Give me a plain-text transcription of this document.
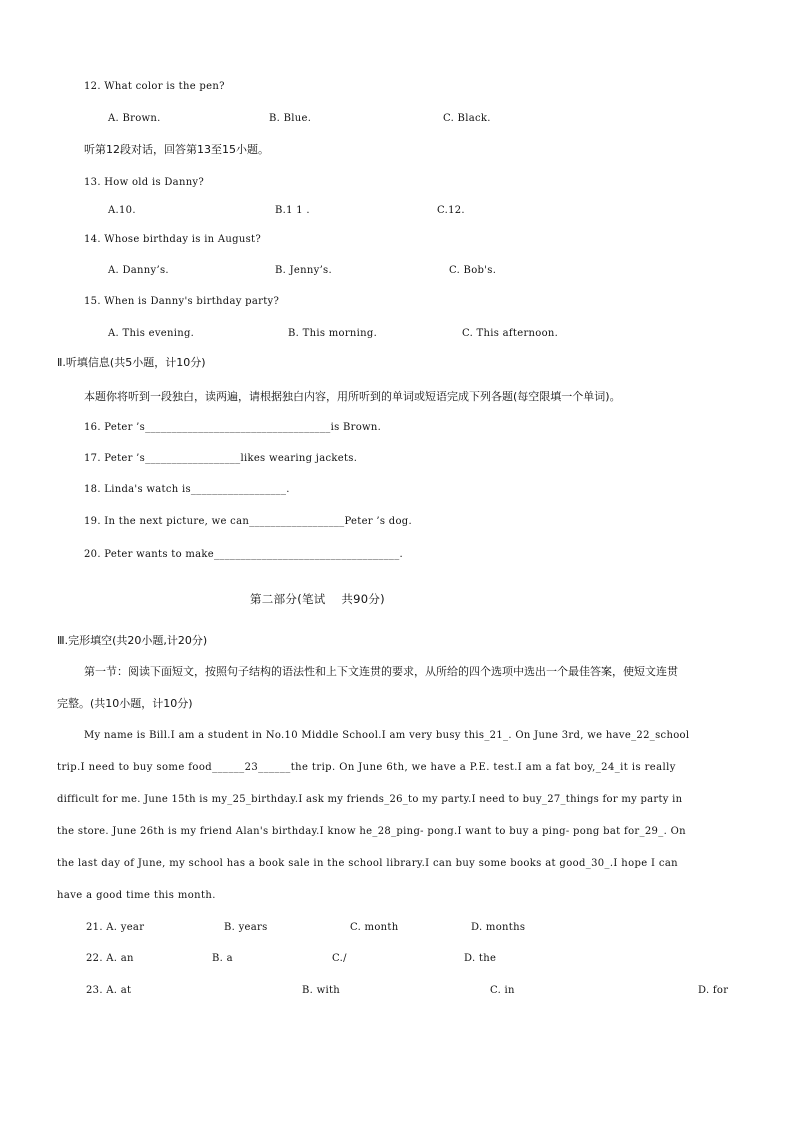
12. What color is the pen?
A. Brown.	B. Blue.	C. Black.
听第12段对话，回答第13至15小题。
13. How old is Danny?
A.10.	B.1 1 .	C.12.
14. Whose birthday is in August?
A. Danny’s.	B. Jenny’s.	C. Bob's.
15. When is Danny's birthday party?
A. This evening.	B. This morning.	C. This afternoon.
Ⅱ.听填信息(共5小题，计10分)
本题你将听到一段独白，读两遍，请根据独白内容，用所听到的单词或短语完成下列各题(每空限填一个单词)。
16. Peter ’s___________________________________is Brown.
17. Peter ’s__________________likes wearing jackets.
18. Linda's watch is__________________.
19. In the next picture, we can__________________Peter ’s dog.
20. Peter wants to make___________________________________.
第二部分(笔试　 共90分)
Ⅲ.完形填空(共20小题,计20分)
第一节：阅读下面短文，按照句子结构的语法性和上下文连贯的要求，从所给的四个选项中选出一个最佳答案，使短文连贯
完整。(共10小题，计10分)
My name is Bill.I am a student in No.10 Middle School.I am very busy this_21_. On June 3rd, we have_22_school
trip.I need to buy some food______23______the trip. On June 6th, we have a P.E. test.I am a fat boy,_24_it is really
difficult for me. June 15th is my_25_birthday.I ask my friends_26_to my party.I need to buy_27_things for my party in
the store. June 26th is my friend Alan's birthday.I know he_28_ping- pong.I want to buy a ping- pong bat for_29_. On
the last day of June, my school has a book sale in the school library.I can buy some books at good_30_.I hope I can
have a good time this month.
21. A. year	B. years	C. month	D. months
22. A. an	B. a	C./	D. the
23. A. at	B. with	C. in	D. for
